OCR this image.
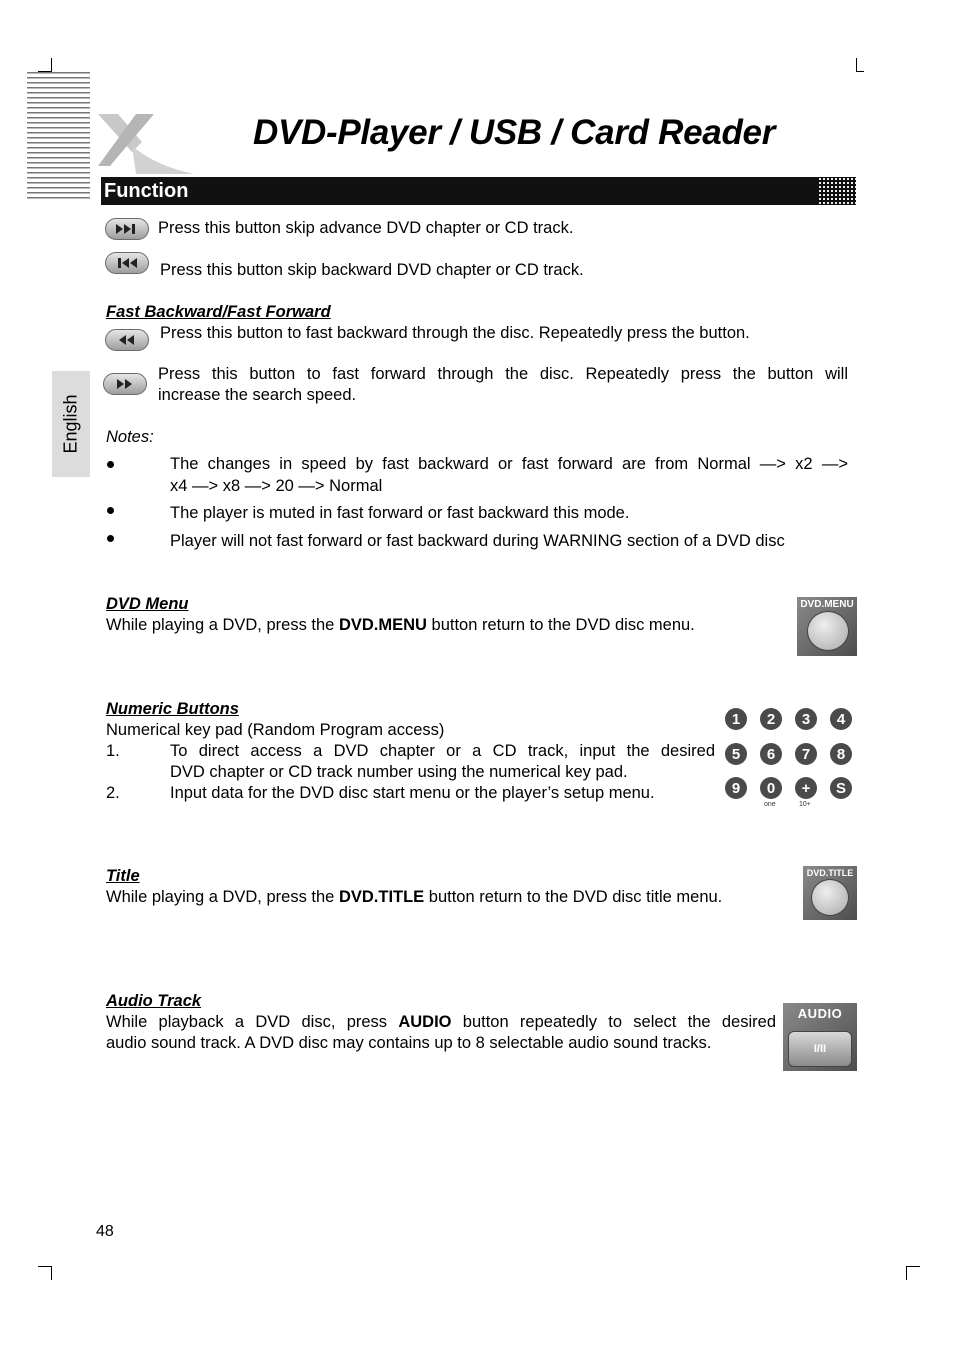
DVD-Player / USB / Card Reader
Function
English
Press this button skip advance DVD chapter or CD track.
Press this button skip backward DVD chapter or CD track.
Fast Backward/Fast Forward
Press this button to fast backward through the disc. Repeatedly press the button.
Press this button to fast forward through the disc. Repeatedly press the button will
increase the search speed.
Notes:
The changes in speed by fast backward or fast forward are from Normal —> x2 —>
x4 —> x8 —> 20 —> Normal
The player is muted in fast forward or fast backward this mode.
Player will not fast forward or fast backward during WARNING section of a DVD disc
DVD Menu
While playing a DVD, press the DVD.MENU button return to the DVD disc menu.
DVD.MENU
Numeric Buttons
Numerical key pad (Random Program access)
1.	To direct access a DVD chapter or a CD track, input the desired
DVD chapter or CD track number using the numerical key pad.
2.	Input data for the DVD disc start menu or the player’s setup menu.
1	2	3	4
5	6	7	8
9	0	+	S
one	10+
Title
While playing a DVD, press the DVD.TITLE button return to the DVD disc title menu.
DVD.TITLE
Audio Track
While playback a DVD disc, press AUDIO button repeatedly to select the desired
audio sound track. A DVD disc may contains up to 8 selectable audio sound tracks.
AUDIO
I/II
48
